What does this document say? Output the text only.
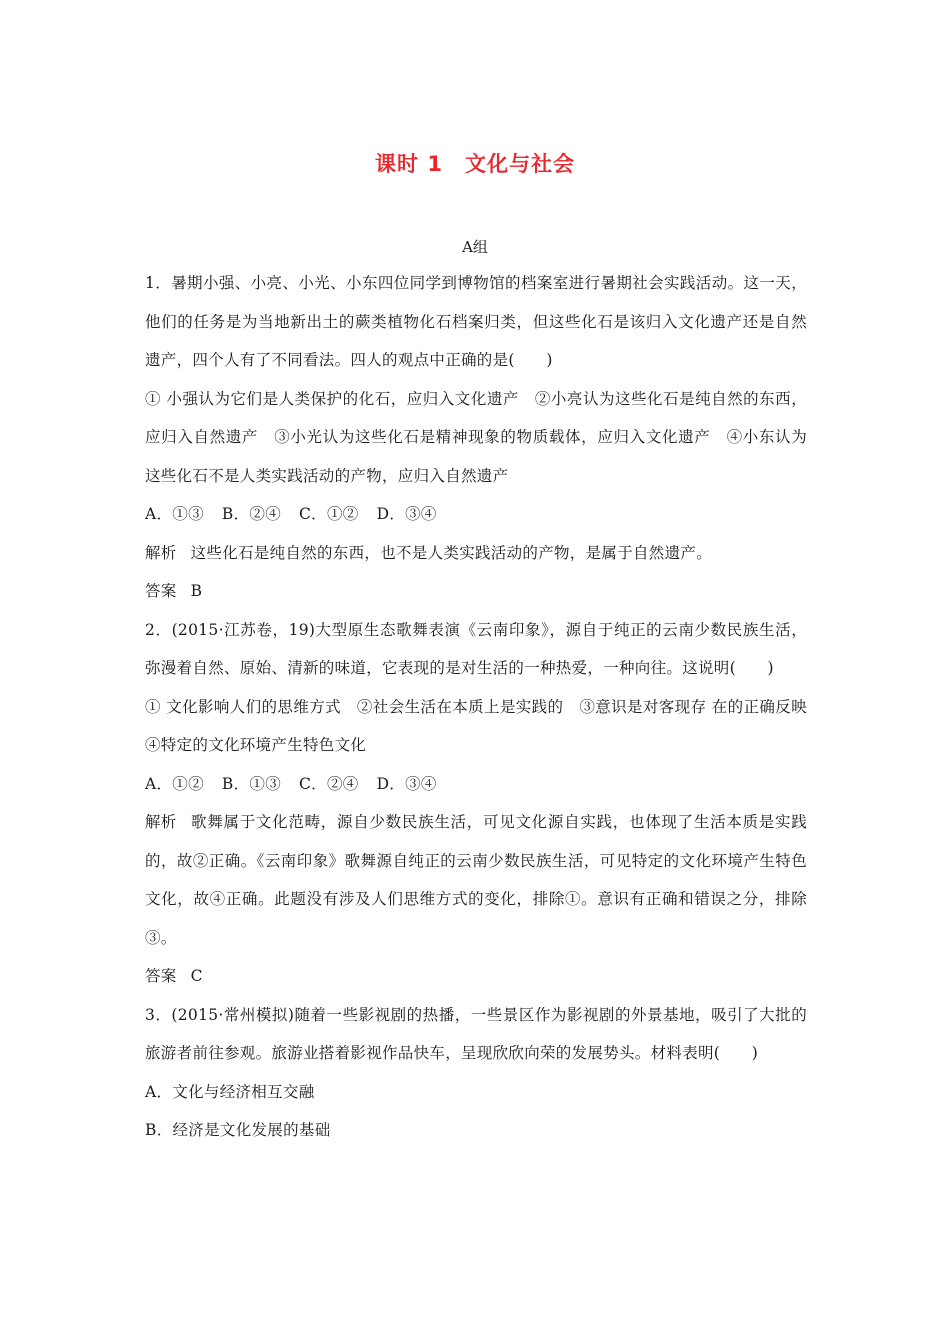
课时 1 文化与社会
A组

1．暑期小强、小亮、小光、小东四位同学到博物馆的档案室进行暑期社会实践活动。这一天，他们的任务是为当地新出土的蕨类植物化石档案归类，但这些化石是该归入文化遗产还是自然遗产，四个人有了不同看法。四人的观点中正确的是(　　)

① 小强认为它们是人类保护的化石，应归入文化遗产　②小亮认为这些化石是纯自然的东西，应归入自然遗产　③小光认为这些化石是精神现象的物质载体，应归入文化遗产　④小东认为这些化石不是人类实践活动的产物，应归入自然遗产

A．①③ B．②④ C．①② D．③④

解析 这些化石是纯自然的东西，也不是人类实践活动的产物，是属于自然遗产。

答案 B

2．(2015·江苏卷，19)大型原生态歌舞表演《云南印象》，源自于纯正的云南少数民族生活，弥漫着自然、原始、清新的味道，它表现的是对生活的一种热爱，一种向往。这说明(　　)

① 文化影响人们的思维方式　②社会生活在本质上是实践的　③意识是对客现存 在的正确反映　④特定的文化环境产生特色文化

A．①② B．①③ C．②④ D．③④

解析 歌舞属于文化范畴，源自少数民族生活，可见文化源自实践，也体现了生活本质是实践的，故②正确。《云南印象》歌舞源自纯正的云南少数民族生活，可见特定的文化环境产生特色文化，故④正确。此题没有涉及人们思维方式的变化，排除①。意识有正确和错误之分，排除③。

答案 C

3．(2015·常州模拟)随着一些影视剧的热播，一些景区作为影视剧的外景基地，吸引了大批的旅游者前往参观。旅游业搭着影视作品快车，呈现欣欣向荣的发展势头。材料表明(　　)

A．文化与经济相互交融

B．经济是文化发展的基础
